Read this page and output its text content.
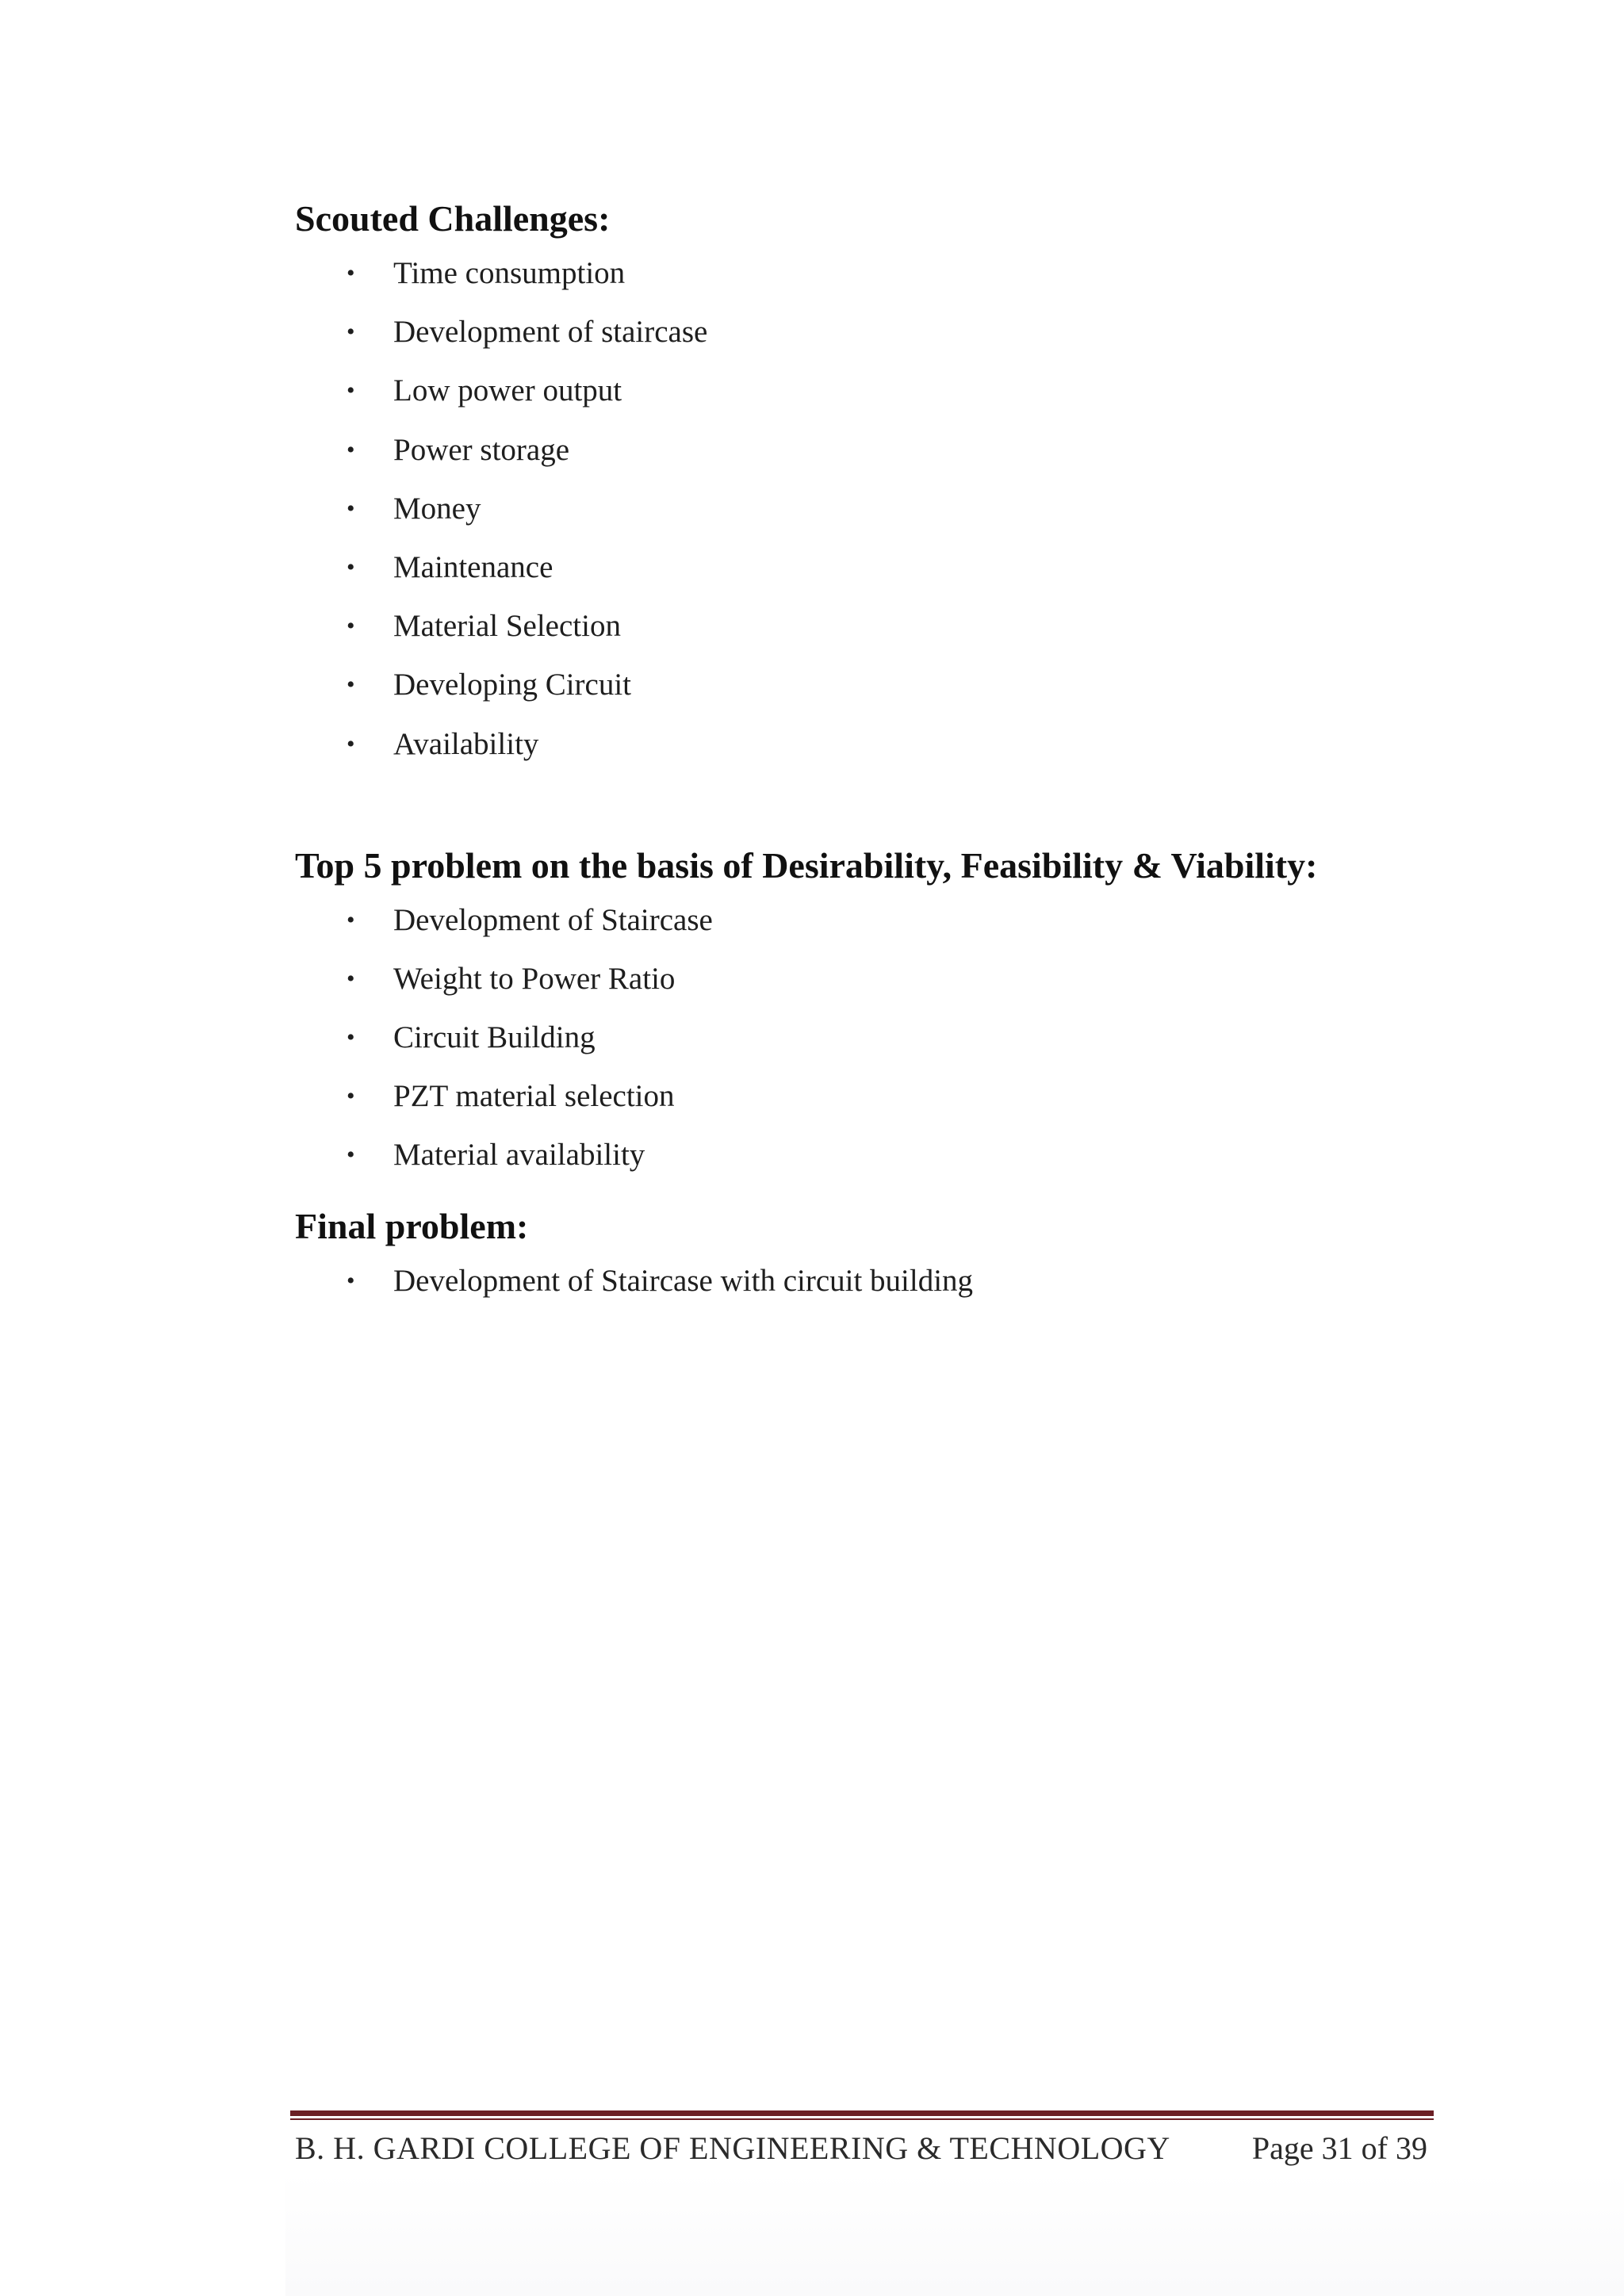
Scouted Challenges:
• Time consumption
• Development of staircase
• Low power output
• Power storage
• Money
• Maintenance
• Material Selection
• Developing Circuit
• Availability
Top 5 problem on the basis of Desirability, Feasibility & Viability:
• Development of Staircase
• Weight to Power Ratio
• Circuit Building
• PZT material selection
• Material availability
Final problem:
• Development of Staircase with circuit building
B. H. GARDI COLLEGE OF ENGINEERING & TECHNOLOGY	Page 31 of 39
